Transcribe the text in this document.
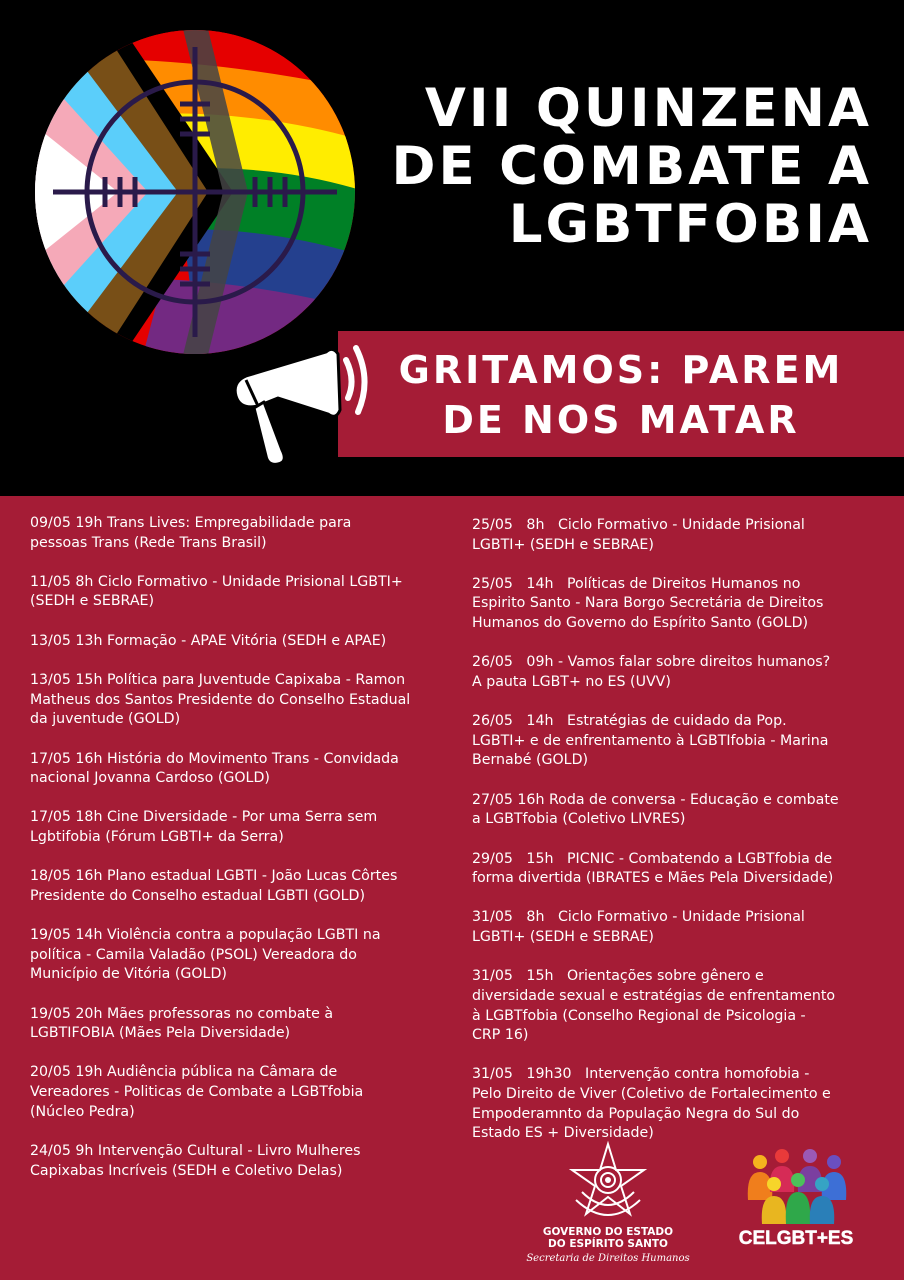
VII QUINZENA
DE COMBATE A
LGBTFOBIA
GRITAMOS: PAREM
DE NOS MATAR
09/05 19h Trans Lives: Empregabilidade para
pessoas Trans (Rede Trans Brasil)
11/05 8h Ciclo Formativo - Unidade Prisional LGBTI+
(SEDH e SEBRAE)
13/05 13h Formação - APAE Vitória (SEDH e APAE)
13/05 15h Política para Juventude Capixaba - Ramon
Matheus dos Santos Presidente do Conselho Estadual
da juventude (GOLD)
17/05 16h História do Movimento Trans - Convidada
nacional Jovanna Cardoso (GOLD)
17/05 18h Cine Diversidade - Por uma Serra sem
Lgbtifobia (Fórum LGBTI+ da Serra)
18/05 16h Plano estadual LGBTI - João Lucas Côrtes
Presidente do Conselho estadual LGBTI (GOLD)
19/05 14h Violência contra a população LGBTI na
política - Camila Valadão (PSOL) Vereadora do
Município de Vitória (GOLD)
19/05 20h Mães professoras no combate à
LGBTIFOBIA (Mães Pela Diversidade)
20/05 19h Audiência pública na Câmara de
Vereadores - Politicas de Combate a LGBTfobia
(Núcleo Pedra)
24/05 9h Intervenção Cultural - Livro Mulheres
Capixabas Incríveis (SEDH e Coletivo Delas)
25/05   8h   Ciclo Formativo - Unidade Prisional
LGBTI+ (SEDH e SEBRAE)
25/05   14h   Políticas de Direitos Humanos no
Espirito Santo - Nara Borgo Secretária de Direitos
Humanos do Governo do Espírito Santo (GOLD)
26/05   09h - Vamos falar sobre direitos humanos?
A pauta LGBT+ no ES (UVV)
26/05   14h   Estratégias de cuidado da Pop.
LGBTI+ e de enfrentamento à LGBTIfobia - Marina
Bernabé (GOLD)
27/05 16h Roda de conversa - Educação e combate
a LGBTfobia (Coletivo LIVRES)
29/05   15h   PICNIC - Combatendo a LGBTfobia de
forma divertida (IBRATES e Mães Pela Diversidade)
31/05   8h   Ciclo Formativo - Unidade Prisional
LGBTI+ (SEDH e SEBRAE)
31/05   15h   Orientações sobre gênero e
diversidade sexual e estratégias de enfrentamento
à LGBTfobia (Conselho Regional de Psicologia -
CRP 16)
31/05   19h30   Intervenção contra homofobia -
Pelo Direito de Viver (Coletivo de Fortalecimento e
Empoderamnto da População Negra do Sul do
Estado ES + Diversidade)
GOVERNO DO ESTADO
DO ESPÍRITO SANTO
Secretaria de Direitos Humanos
CELGBT+ES
